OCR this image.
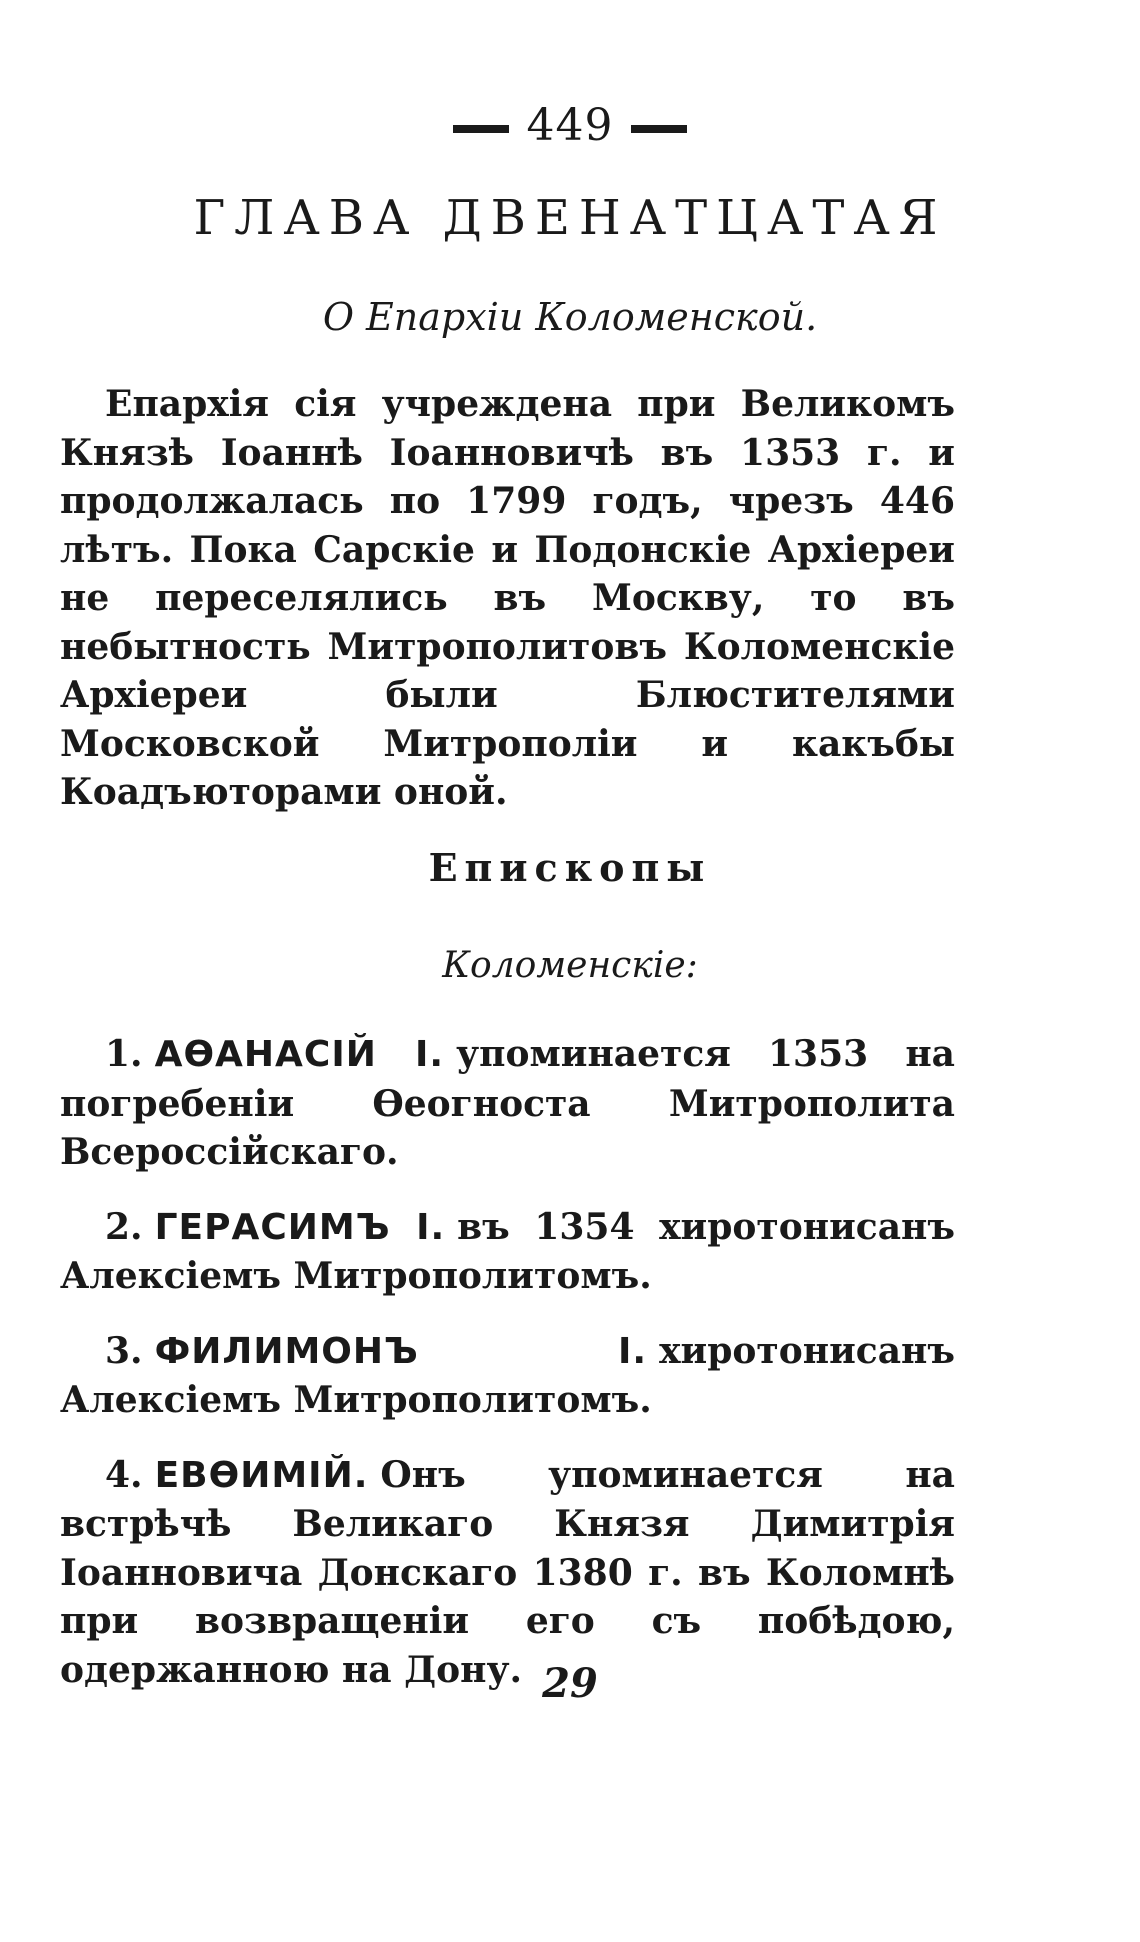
449
ГЛАВА ДВЕНАТЦАТАЯ
О Епархіи Коломенской.

Епархія сія учреждена при Великомъ Князѣ Іоаннѣ Іоанновичѣ въ 1353 г. и продолжалась по 1799 годъ, чрезъ 446 лѣтъ. Пока Сарскіе и Подонскіе Архіереи не переселялись въ Москву, то въ небытность Митрополитовъ Коломенскіе Архіереи были Блюстителями Московской Митрополіи и какъбы Коадъюторами оной.

Епископы
Коломенскіе:

1. АѲАНАСІЙ І. упоминается 1353 на погребеніи Ѳеогноста Митрополита Всероссійскаго.

2. ГЕРАСИМЪ І. въ 1354 хиротонисанъ Алексіемъ Митрополитомъ.

3. ФИЛИМОНЪ І. хиротонисанъ Алексіемъ Митрополитомъ.

4. ЕВѲИМІЙ. Онъ упоминается на встрѣчѣ Великаго Князя Димитрія Іоанновича Донскаго 1380 г. въ Коломнѣ при возвращеніи его съ побѣдою, одержанною на Дону. 29
